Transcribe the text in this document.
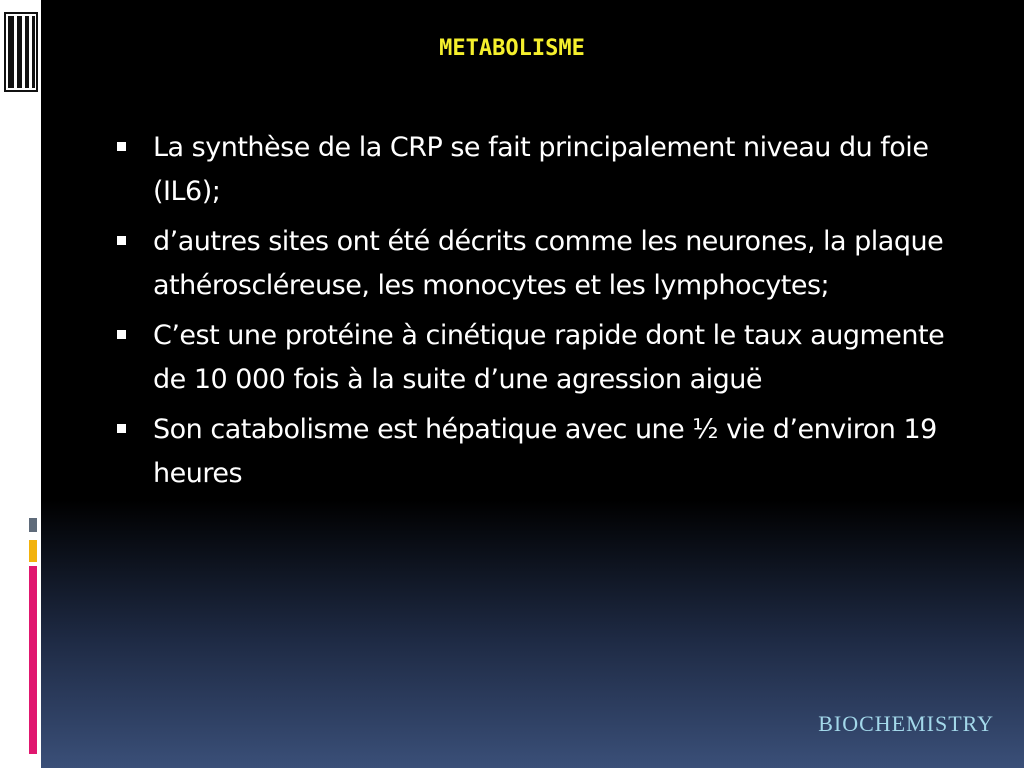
METABOLISME
La synthèse de la CRP se fait principalement niveau du foie (IL6);
d’autres sites ont été décrits comme les neurones, la plaque athéroscléreuse, les monocytes et les lymphocytes;
C’est une protéine à cinétique rapide dont le taux augmente de 10 000 fois à la suite d’une agression aiguë
Son catabolisme est hépatique avec une ½ vie d’environ 19 heures
BIOCHEMISTRY
